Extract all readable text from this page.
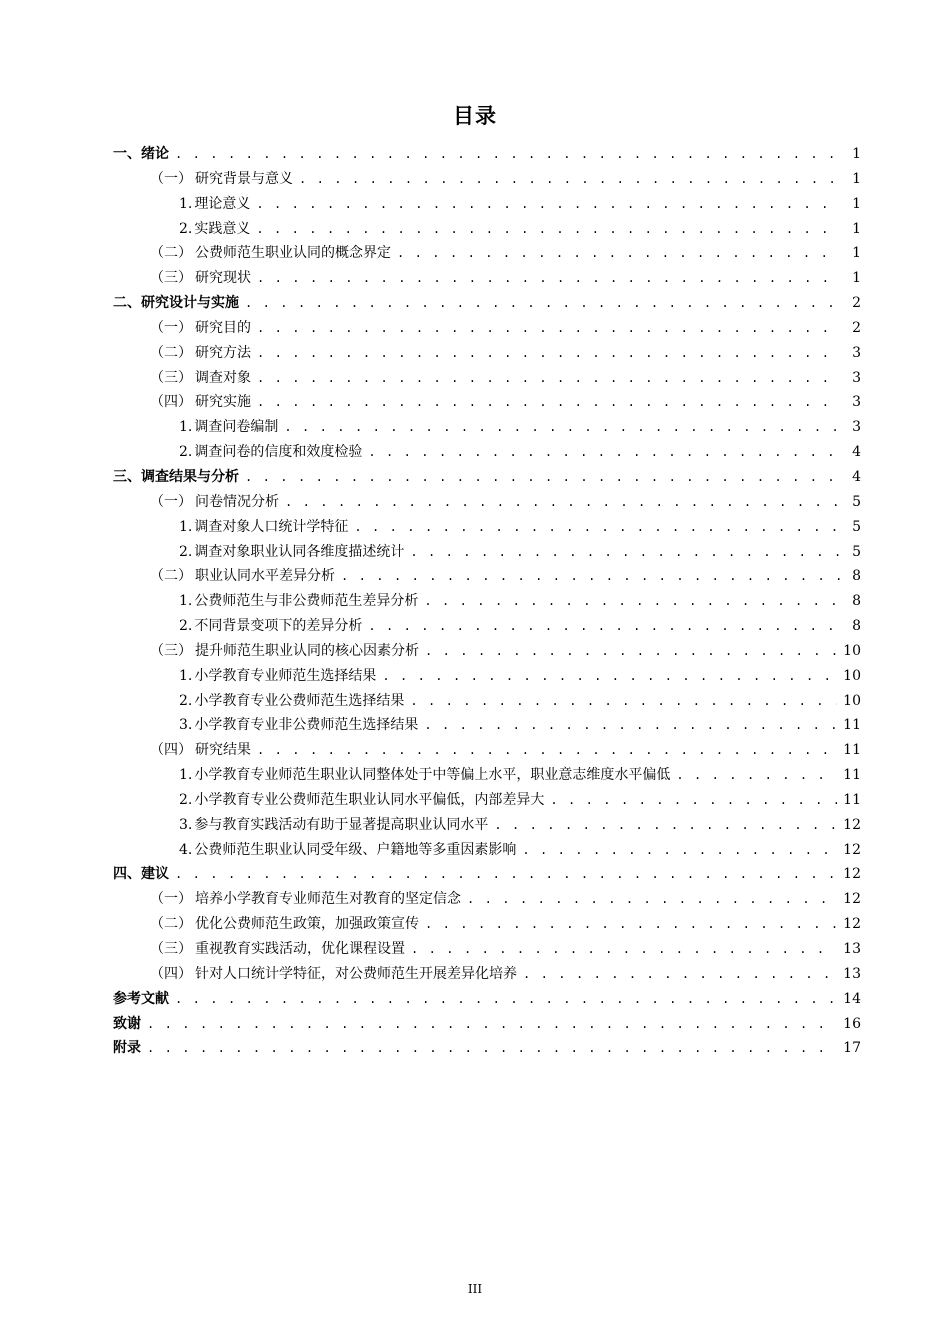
目录
一、 绪论 . . .	1
（一） 研究背景与意义 . . .	1
1. 理论意义 . . .	1
2. 实践意义 . . .	1
（二） 公费师范生职业认同的概念界定 . . .	1
（三） 研究现状 . . .	1
二、 研究设计与实施 . . .	2
（一） 研究目的 . . .	2
（二） 研究方法 . . .	3
（三） 调查对象 . . .	3
（四） 研究实施 . . .	3
1. 调查问卷编制 . . .	3
2. 调查问卷的信度和效度检验 . . .	4
三、 调查结果与分析 . . .	4
（一） 问卷情况分析 . . .	5
1. 调查对象人口统计学特征 . . .	5
2. 调查对象职业认同各维度描述统计 . . .	5
（二） 职业认同水平差异分析 . . .	8
1. 公费师范生与非公费师范生差异分析 . . .	8
2. 不同背景变项下的差异分析 . . .	8
（三） 提升师范生职业认同的核心因素分析 . . .	10
1. 小学教育专业师范生选择结果 . . .	10
2. 小学教育专业公费师范生选择结果 . . .	10
3. 小学教育专业非公费师范生选择结果 . . .	11
（四） 研究结果 . . .	11
1. 小学教育专业师范生职业认同整体处于中等偏上水平，职业意志维度水平偏低 . . .	11
2. 小学教育专业公费师范生职业认同水平偏低，内部差异大 . . .	11
3. 参与教育实践活动有助于显著提高职业认同水平 . . .	12
4. 公费师范生职业认同受年级、户籍地等多重因素影响 . . .	12
四、 建议 . . .	12
（一） 培养小学教育专业师范生对教育的坚定信念 . . .	12
（二） 优化公费师范生政策，加强政策宣传 . . .	12
（三） 重视教育实践活动，优化课程设置 . . .	13
（四） 针对人口统计学特征，对公费师范生开展差异化培养 . . .	13
参考文献 . . .	14
致谢 . . .	16
附录 . . .	17
III
